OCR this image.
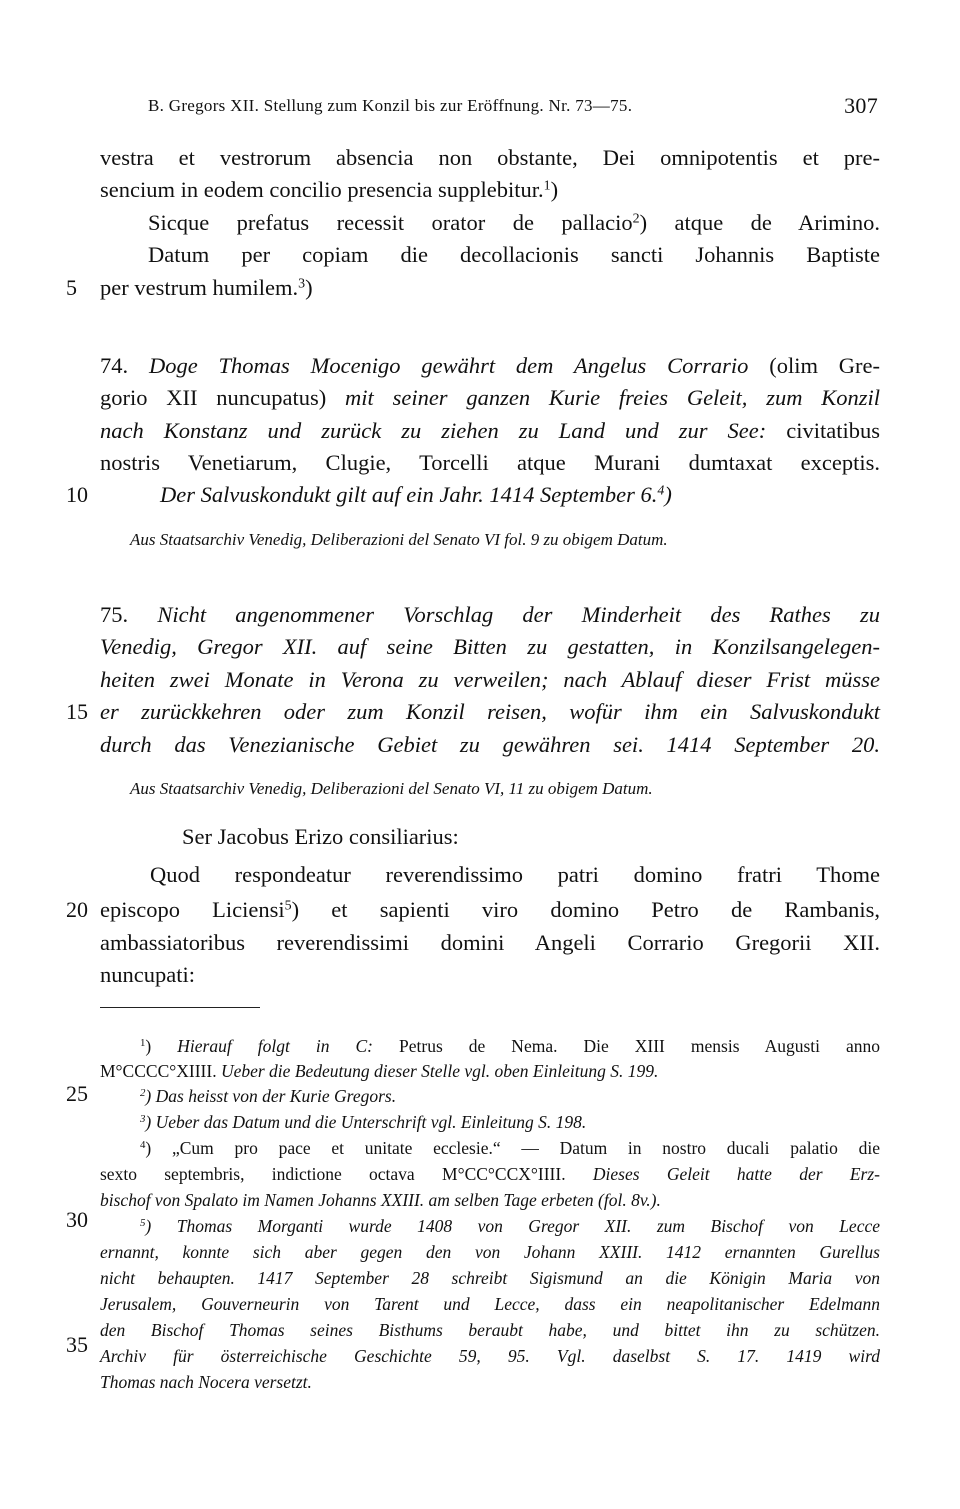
B. Gregors XII. Stellung zum Konzil bis zur Eröffnung. Nr. 73—75.	307
5
10
15
20
25
30
35
vestra et vestrorum absencia non obstante, Dei omnipotentis et pre-
sencium in eodem concilio presencia supplebitur.$^1$)
Sicque prefatus recessit orator de pallacio$^2$) atque de Arimino.
Datum per copiam die decollacionis sancti Johannis Baptiste
per vestrum humilem.$^3$)
74. Doge Thomas Mocenigo gewährt dem Angelus Corrario (olim Gre-
gorio XII nuncupatus) mit seiner ganzen Kurie freies Geleit, zum Konzil
nach Konstanz und zurück zu ziehen zu Land und zur See: civitatibus
nostris Venetiarum, Clugie, Torcelli atque Murani dumtaxat exceptis.
Der Salvuskondukt gilt auf ein Jahr. 1414 September 6.$^4$)
Aus Staatsarchiv Venedig, Deliberazioni del Senato VI fol. 9 zu obigem Datum.
75. Nicht angenommener Vorschlag der Minderheit des Rathes zu
Venedig, Gregor XII. auf seine Bitten zu gestatten, in Konzilsangelegen-
heiten zwei Monate in Verona zu verweilen; nach Ablauf dieser Frist müsse
er zurückkehren oder zum Konzil reisen, wofür ihm ein Salvuskondukt
durch das Venezianische Gebiet zu gewähren sei. 1414 September 20.
Aus Staatsarchiv Venedig, Deliberazioni del Senato VI, 11 zu obigem Datum.
Ser Jacobus Erizo consiliarius:
Quod respondeatur reverendissimo patri domino fratri Thome
episcopo Liciensi$^5$) et sapienti viro domino Petro de Rambanis,
ambassiatoribus reverendissimi domini Angeli Corrario Gregorii XII.
nuncupati:
$^1$) Hierauf folgt in C: Petrus de Nema. Die XIII mensis Augusti anno
M°CCCC°XIIII. Ueber die Bedeutung dieser Stelle vgl. oben Einleitung S. 199.
$^2$) Das heisst von der Kurie Gregors.
$^3$) Ueber das Datum und die Unterschrift vgl. Einleitung S. 198.
$^4$) „Cum pro pace et unitate ecclesie.“ — Datum in nostro ducali palatio die
sexto septembris, indictione octava M°CC°CCX°IIII. Dieses Geleit hatte der Erz-
bischof von Spalato im Namen Johanns XXIII. am selben Tage erbeten (fol. 8v.).
$^5$) Thomas Morganti wurde 1408 von Gregor XII. zum Bischof von Lecce
ernannt, konnte sich aber gegen den von Johann XXIII. 1412 ernannten Gurellus
nicht behaupten. 1417 September 28 schreibt Sigismund an die Königin Maria von
Jerusalem, Gouverneurin von Tarent und Lecce, dass ein neapolitanischer Edelmann
den Bischof Thomas seines Bisthums beraubt habe, und bittet ihn zu schützen.
Archiv für österreichische Geschichte 59, 95. Vgl. daselbst S. 17. 1419 wird
Thomas nach Nocera versetzt.
